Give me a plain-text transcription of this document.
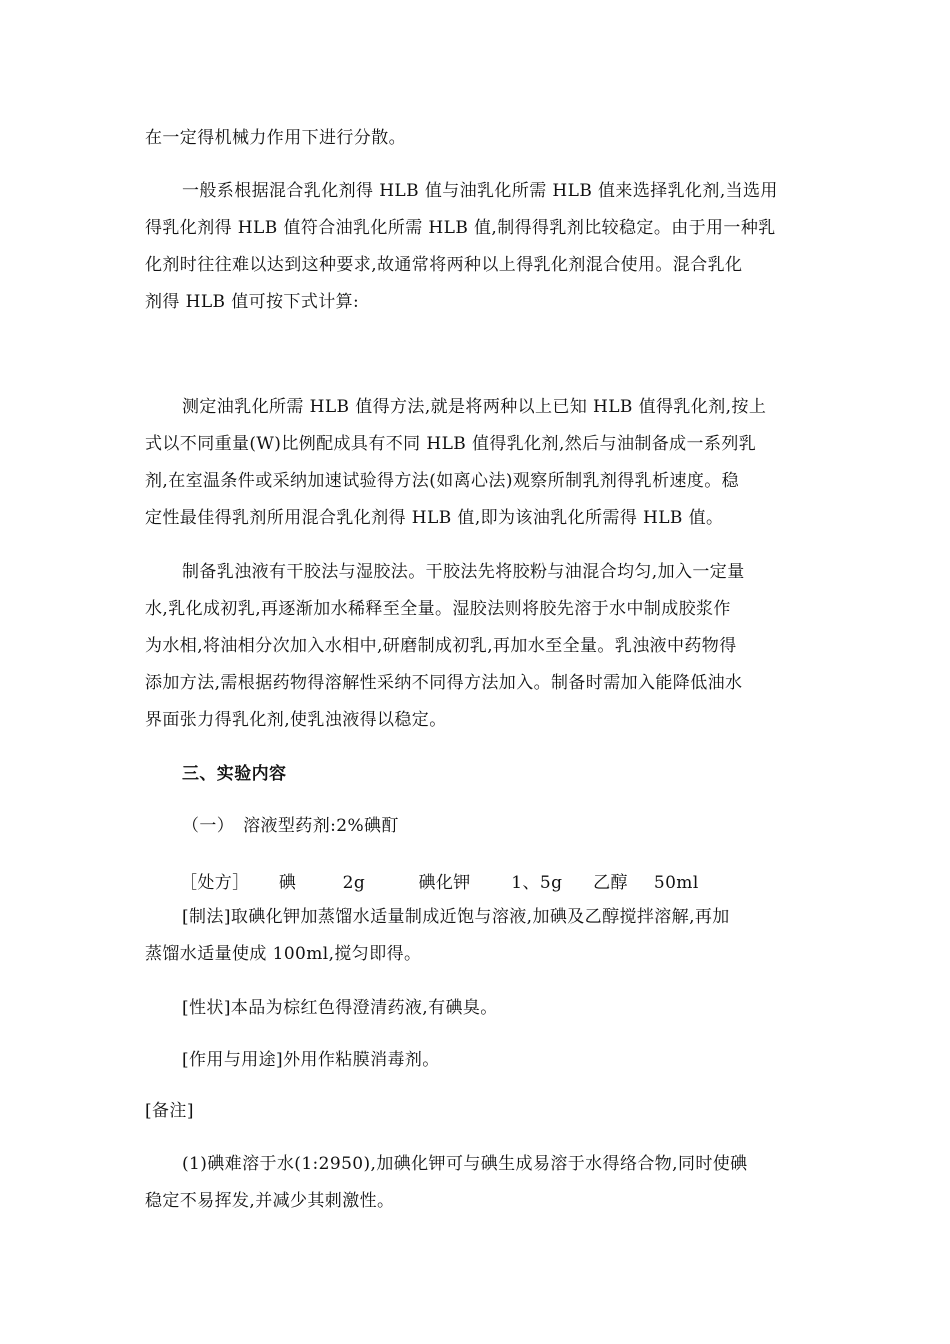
在一定得机械力作用下进行分散。
一般系根据混合乳化剂得 HLB 值与油乳化所需 HLB 值来选择乳化剂,当选用
得乳化剂得 HLB 值符合油乳化所需 HLB 值,制得得乳剂比较稳定。由于用一种乳
化剂时往往难以达到这种要求,故通常将两种以上得乳化剂混合使用。混合乳化
剂得 HLB 值可按下式计算:
测定油乳化所需 HLB 值得方法,就是将两种以上已知 HLB 值得乳化剂,按上
式以不同重量(W)比例配成具有不同 HLB 值得乳化剂,然后与油制备成一系列乳
剂,在室温条件或采纳加速试验得方法(如离心法)观察所制乳剂得乳析速度。稳
定性最佳得乳剂所用混合乳化剂得 HLB 值,即为该油乳化所需得 HLB 值。
制备乳浊液有干胶法与湿胶法。干胶法先将胶粉与油混合均匀,加入一定量
水,乳化成初乳,再逐渐加水稀释至全量。湿胶法则将胶先溶于水中制成胶浆作
为水相,将油相分次加入水相中,研磨制成初乳,再加水至全量。乳浊液中药物得
添加方法,需根据药物得溶解性采纳不同得方法加入。制备时需加入能降低油水
界面张力得乳化剂,使乳浊液得以稳定。
三、实验内容
（一）　溶液型药剂:2%碘酊
［处方］ 碘	2g	碘化钾 1、5g 乙醇 50ml
[制法]取碘化钾加蒸馏水适量制成近饱与溶液,加碘及乙醇搅拌溶解,再加
蒸馏水适量使成 100ml,搅匀即得。
[性状]本品为棕红色得澄清药液,有碘臭。
[作用与用途]外用作粘膜消毒剂。
[备注]
(1)碘难溶于水(1:2950),加碘化钾可与碘生成易溶于水得络合物,同时使碘
稳定不易挥发,并减少其刺激性。
